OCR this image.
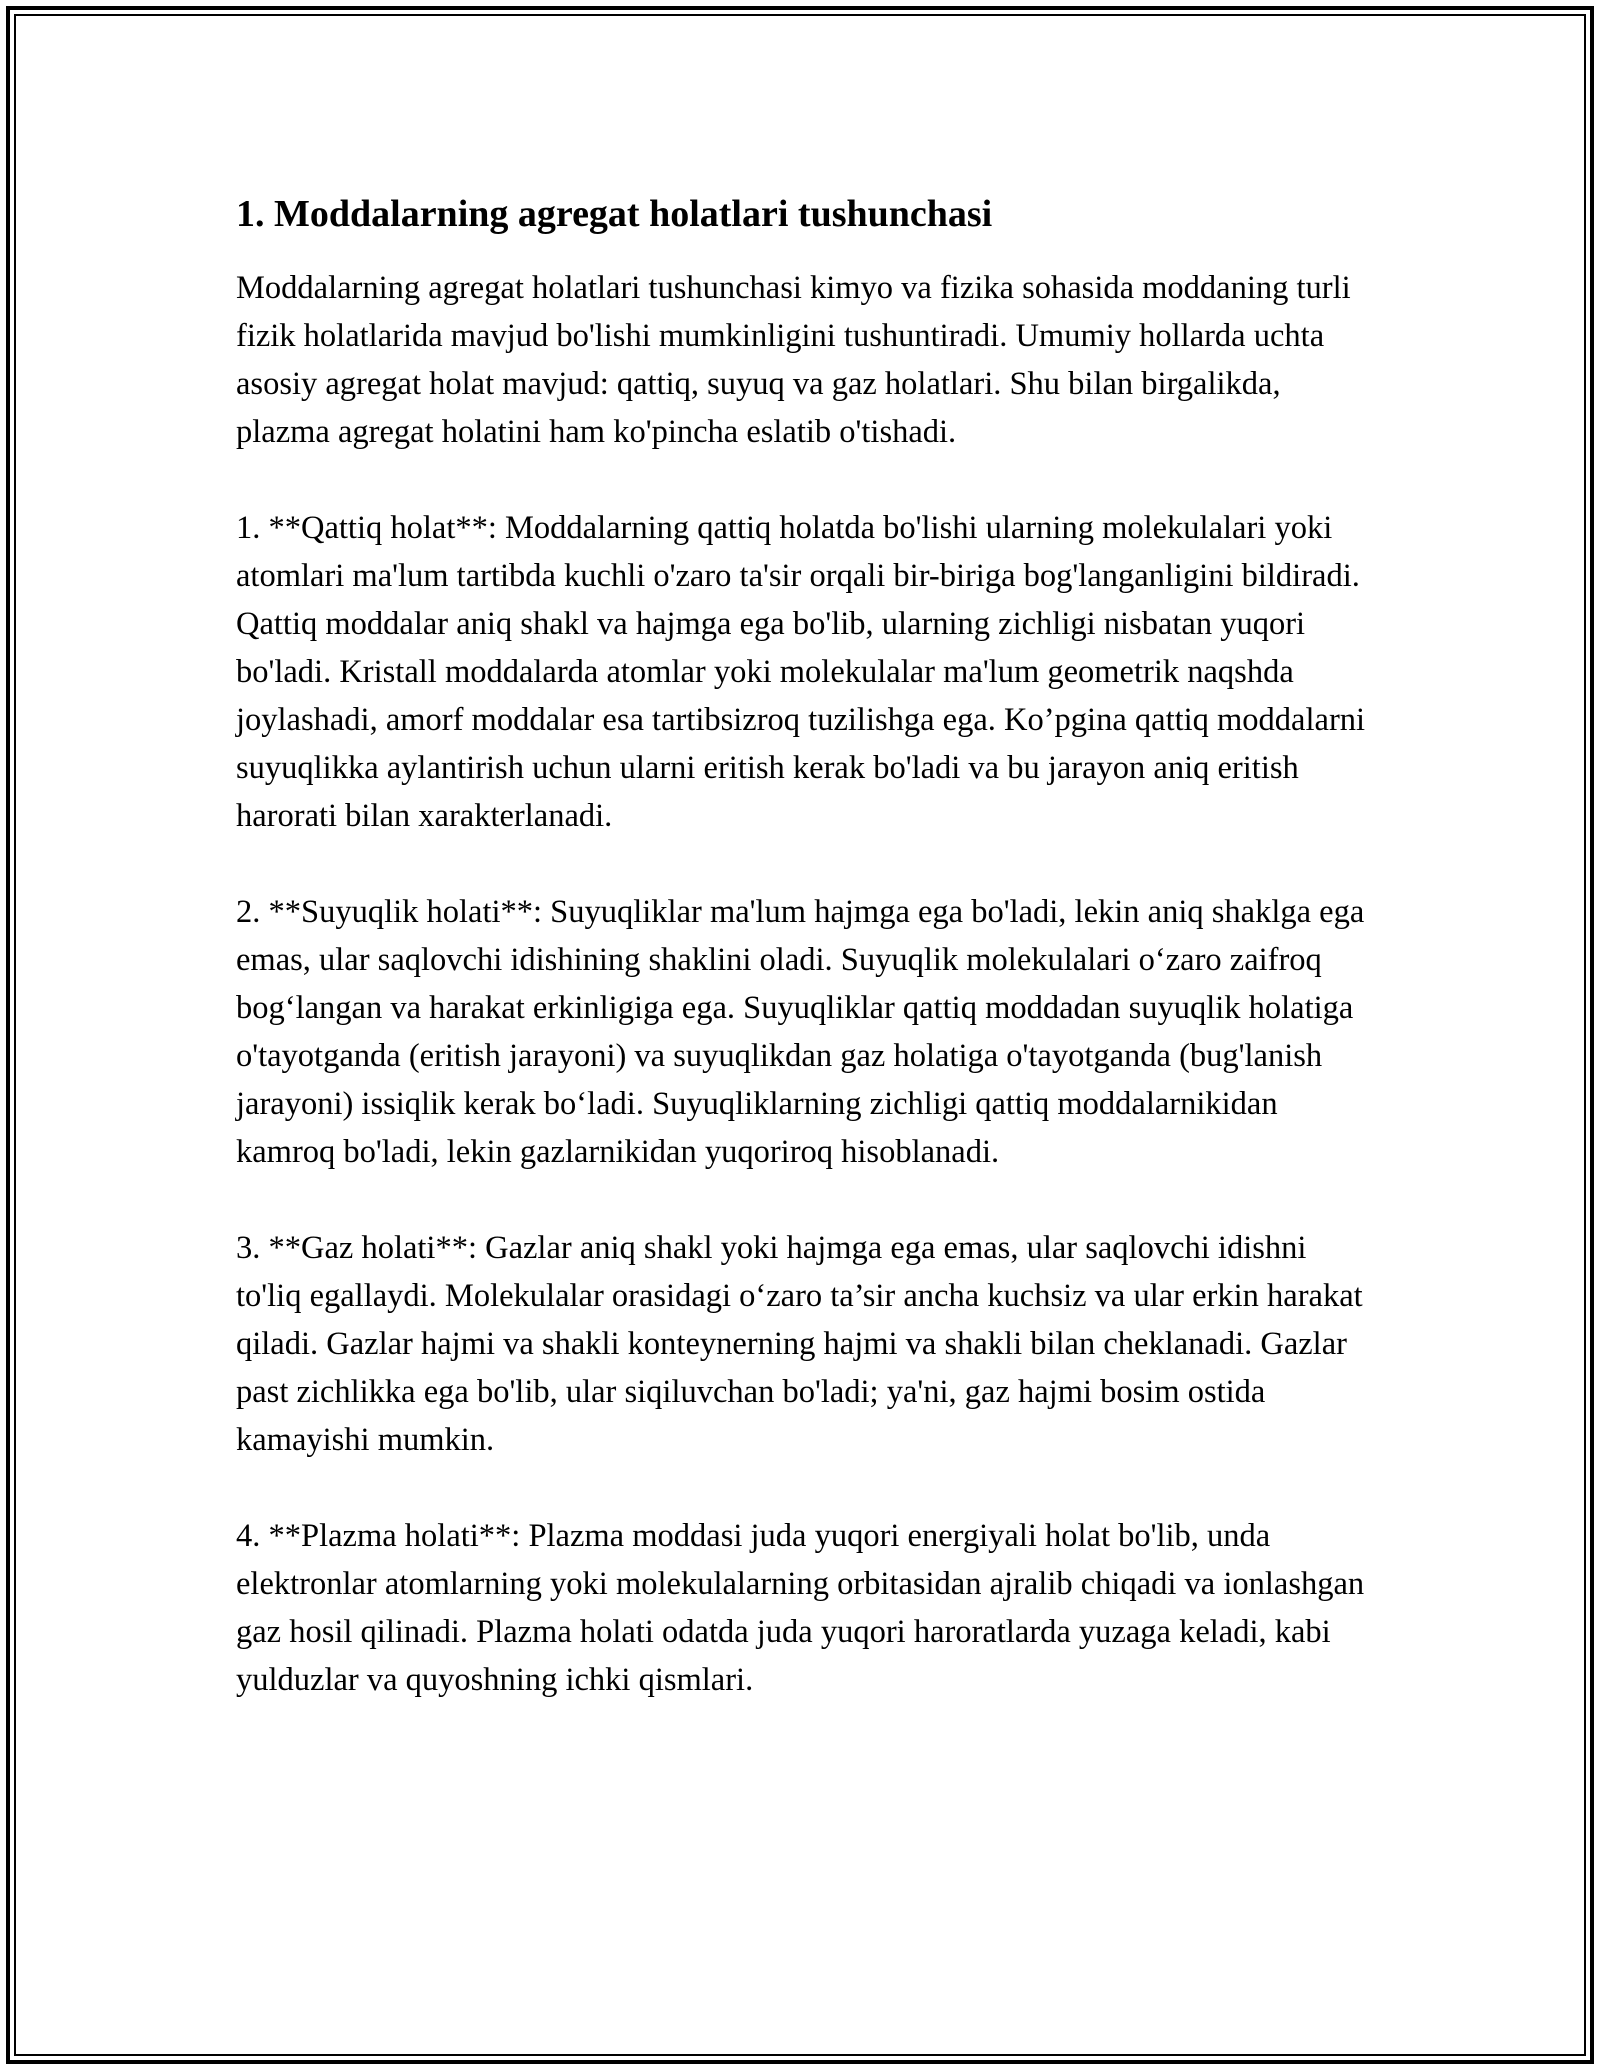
1. Moddalarning agregat holatlari tushunchasi

Moddalarning agregat holatlari tushunchasi kimyo va fizika sohasida moddaning turli fizik holatlarida mavjud bo'lishi mumkinligini tushuntiradi. Umumiy hollarda uchta asosiy agregat holat mavjud: qattiq, suyuq va gaz holatlari. Shu bilan birgalikda, plazma agregat holatini ham ko'pincha eslatib o'tishadi.

1. **Qattiq holat**: Moddalarning qattiq holatda bo'lishi ularning molekulalari yoki atomlari ma'lum tartibda kuchli o'zaro ta'sir orqali bir-biriga bog'langanligini bildiradi. Qattiq moddalar aniq shakl va hajmga ega bo'lib, ularning zichligi nisbatan yuqori bo'ladi. Kristall moddalarda atomlar yoki molekulalar ma'lum geometrik naqshda joylashadi, amorf moddalar esa tartibsizroq tuzilishga ega. Ko’pgina qattiq moddalarni suyuqlikka aylantirish uchun ularni eritish kerak bo'ladi va bu jarayon aniq eritish harorati bilan xarakterlanadi.

2. **Suyuqlik holati**: Suyuqliklar ma'lum hajmga ega bo'ladi, lekin aniq shaklga ega emas, ular saqlovchi idishining shaklini oladi. Suyuqlik molekulalari o‘zaro zaifroq bog‘langan va harakat erkinligiga ega. Suyuqliklar qattiq moddadan suyuqlik holatiga o'tayotganda (eritish jarayoni) va suyuqlikdan gaz holatiga o'tayotganda (bug'lanish jarayoni) issiqlik kerak bo‘ladi. Suyuqliklarning zichligi qattiq moddalarnikidan kamroq bo'ladi, lekin gazlarnikidan yuqoriroq hisoblanadi.

3. **Gaz holati**: Gazlar aniq shakl yoki hajmga ega emas, ular saqlovchi idishni to'liq egallaydi. Molekulalar orasidagi o‘zaro ta’sir ancha kuchsiz va ular erkin harakat qiladi. Gazlar hajmi va shakli konteynerning hajmi va shakli bilan cheklanadi. Gazlar past zichlikka ega bo'lib, ular siqiluvchan bo'ladi; ya'ni, gaz hajmi bosim ostida kamayishi mumkin.

4. **Plazma holati**: Plazma moddasi juda yuqori energiyali holat bo'lib, unda elektronlar atomlarning yoki molekulalarning orbitasidan ajralib chiqadi va ionlashgan gaz hosil qilinadi. Plazma holati odatda juda yuqori haroratlarda yuzaga keladi, kabi yulduzlar va quyoshning ichki qismlari.
